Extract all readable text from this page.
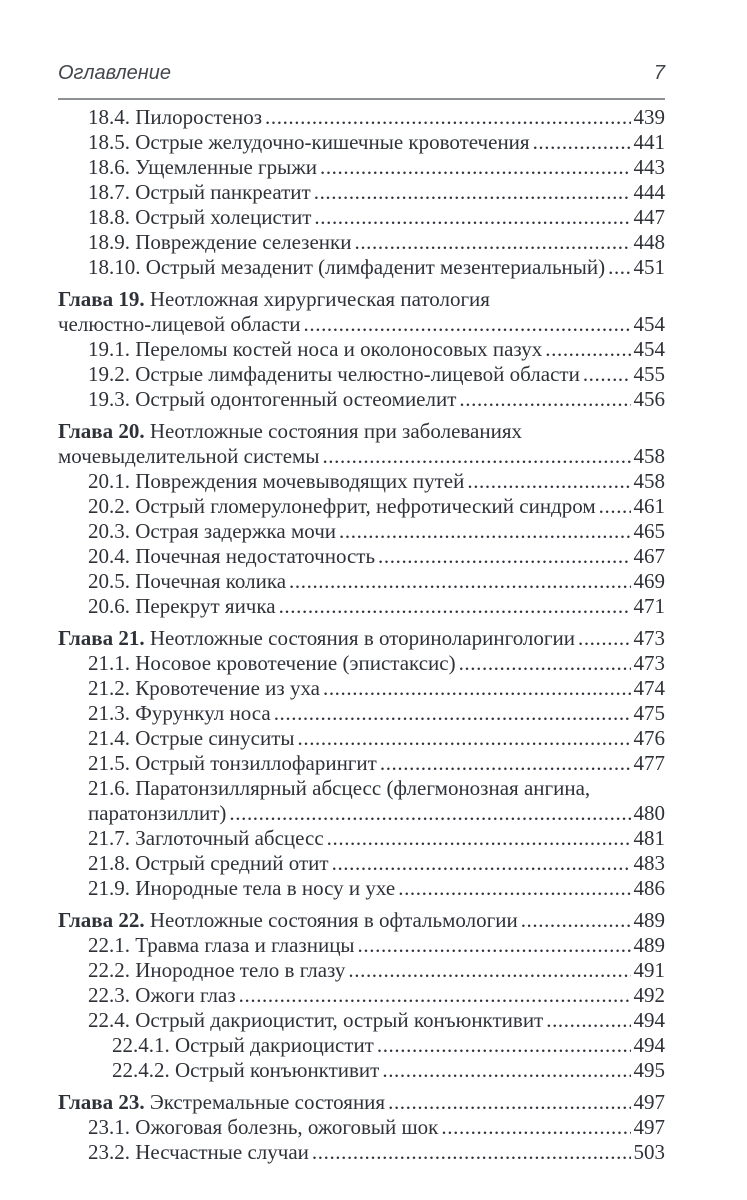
Оглавление	7
18.4. Пилоростеноз .....	439
18.5. Острые желудочно-кишечные кровотечения .....	441
18.6. Ущемленные грыжи .....	443
18.7. Острый панкреатит .....	444
18.8. Острый холецистит .....	447
18.9. Повреждение селезенки .....	448
18.10. Острый мезаденит (лимфаденит мезентериальный) ..... 451
Глава 19. Неотложная хирургическая патология
челюстно-лицевой области .....	454
19.1. Переломы костей носа и околоносовых пазух .....	454
19.2. Острые лимфадениты челюстно-лицевой области .....	455
19.3. Острый одонтогенный остеомиелит .....	456
Глава 20. Неотложные состояния при заболеваниях
мочевыделительной системы .....	458
20.1. Повреждения мочевыводящих путей .....	458
20.2. Острый гломерулонефрит, нефротический синдром ..... 461
20.3. Острая задержка мочи .....	465
20.4. Почечная недостаточность .....	467
20.5. Почечная колика .....	469
20.6. Перекрут яичка .....	471
Глава 21. Неотложные состояния в оториноларингологии .....	473
21.1. Носовое кровотечение (эпистаксис) .....	473
21.2. Кровотечение из уха .....	474
21.3. Фурункул носа .....	475
21.4. Острые синуситы .....	476
21.5. Острый тонзиллофарингит .....	477
21.6. Паратонзиллярный абсцесс (флегмонозная ангина,
паратонзиллит) .....	480
21.7. Заглоточный абсцесс .....	481
21.8. Острый средний отит .....	483
21.9. Инородные тела в носу и ухе .....	486
Глава 22. Неотложные состояния в офтальмологии .....	489
22.1. Травма глаза и глазницы .....	489
22.2. Инородное тело в глазу .....	491
22.3. Ожоги глаз .....	492
22.4. Острый дакриоцистит, острый конъюнктивит .....	494
22.4.1. Острый дакриоцистит .....	494
22.4.2. Острый конъюнктивит .....	495
Глава 23. Экстремальные состояния .....	497
23.1. Ожоговая болезнь, ожоговый шок .....	497
23.2. Несчастные случаи .....	503
